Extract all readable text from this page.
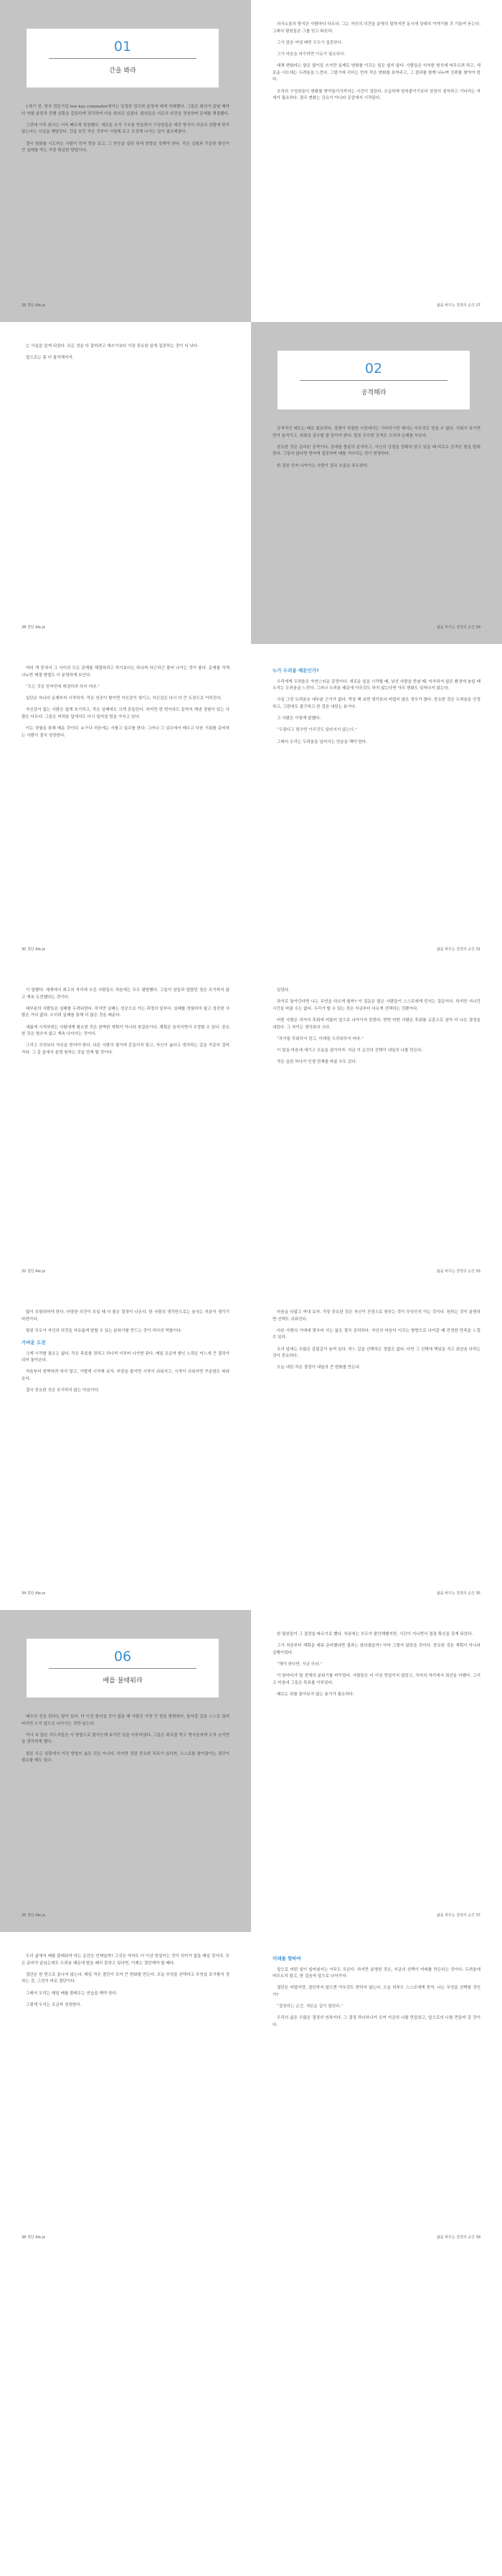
01
간을 봐라

1세기 전, 영국 전문기업 low-key commuter에서는 일정한 업무와 운영에 대해 지배했다. 그들은 회의가 끝날 때마다 역할 분담과 진행 상황을 깔끔하게 정리하여 다음 회의로 넘겼다. 팀원들은 서로의 의견을 경청하며 문제를 해결했다.

그런데 이후 회사는 더욱 빠르게 성장했다. 새로운 조직 구조를 만들면서 구성원들은 예전 방식이 지금의 상황에 맞지 않는다는 사실을 깨달았다. 간을 보듯 작은 것부터 시험해 보고 조정해 나가는 일이 필요해졌다.

결국 변화를 시도하는 사람이 먼저 맛을 보고, 그 반응을 살핀 뒤에 방향을 정해야 한다. 작은 실험과 꾸준한 확인이 큰 실패를 막는 가장 확실한 방법이다.

26 결단 Ale.jo

의사소통의 방식은 사람마다 다르다. 그는 자신의 의견을 분명히 말하지만 동시에 상대의 이야기를 귀 기울여 듣는다. 그래서 팀원들은 그를 믿고 따른다.

그가 말을 꺼낼 때면 모두가 집중한다.

그가 마음을 바꾸려면 이유가 필요하다.

대체 변화라는 말은 많이들 쓰지만 실제로 변화를 이끄는 일은 쉽지 않다. 사람들은 익숙한 방식에 머무르려 하고, 새로운 시도에는 두려움을 느낀다. 그렇기에 리더는 먼저 작은 변화를 보여주고, 그 결과를 함께 나누며 신뢰를 쌓아야 한다.

조직의 구성원들이 변화를 받아들이기까지는 시간이 걸린다. 조급하게 밀어붙이기보다 천천히 설득하고 기다리는 자세가 필요하다. 결국 변화는 강요가 아니라 공감에서 시작된다.

삶을 바꾸는 결정의 순간 27

는 사실을 알게 되었다. 모든 것을 다 잘하려고 애쓰기보다 가장 중요한 일에 집중하는 것이 더 낫다.

앞으로는 좀 더 솔직해지자.

28 결단 Ale.jo
02
공격해라

공격적인 태도는 때로 필요하다. 경쟁이 치열한 시장에서는 기다리기만 해서는 아무것도 얻을 수 없다. 기회가 보이면 먼저 움직이고, 위험을 감수할 줄 알아야 한다. 물론 무모한 공격은 오히려 손해를 부른다.

중요한 것은 준비된 공격이다. 상대를 충분히 분석하고, 자신의 강점을 정확히 알고 있을 때 비로소 공격은 힘을 발휘한다. 그렇지 않다면 방어에 집중하며 때를 기다리는 것이 현명하다.

한 걸음 먼저 나아가는 사람이 결국 흐름을 주도한다.

삶을 바꾸는 결정의 순간 29

여러 개 뭉쳐서 그 사이의 모든 관계를 해결하려고 하기보다는 하나씩 차근차근 풀어 나가는 것이 좋다. 문제를 작게 나누면 해결 방법도 더 분명하게 보인다.

“모든 것을 한꺼번에 해결하려 하지 마라.”

일단은 하나의 문제부터 시작하자. 작은 성공이 쌓이면 자신감이 생기고, 자신감은 다시 더 큰 도전으로 이어진다.

자신감이 없는 사람은 쉽게 포기하고, 작은 실패에도 크게 흔들린다. 하지만 한 번이라도 끝까지 해낸 경험이 있는 사람은 다르다. 그들은 어려움 앞에서도 다시 일어설 힘을 가지고 있다.

이는 경험을 통해 배운 것이다. 누구나 처음에는 서툴고 실수를 한다. 그러나 그 실수에서 배우고 다음 기회를 준비하는 사람이 결국 성장한다.

30 결단 Ale.jo
누가 두려움 때문인가?

우리에게 두려움은 자연스러운 감정이다. 새로운 일을 시작할 때, 낯선 사람을 만날 때, 익숙하지 않은 환경에 놓일 때 우리는 두려움을 느낀다. 그러나 두려움 때문에 아무것도 하지 않는다면 아무 변화도 일어나지 않는다.

사실 그런 두려움은 대부분 근거가 없다. 막상 해 보면 생각보다 어렵지 않은 경우가 많다. 중요한 것은 두려움을 인정하고, 그럼에도 불구하고 한 걸음 내딛는 용기다.

그 사람은 이렇게 말했다.

“두렵다고 멈추면 아무것도 달라지지 않는다.”

그래서 우리는 두려움을 넘어서는 연습을 해야 한다.

삶을 바꾸는 결정의 순간 31

이 말했다. 세계에서 최고의 자리에 오른 사람들도 처음에는 모두 평범했다. 그들이 남들과 달랐던 점은 포기하지 않고 계속 도전했다는 것이다.

대부분의 사람들은 실패를 두려워한다. 하지만 실패는 성공으로 가는 과정의 일부다. 실패를 경험하지 않고 성공한 사람은 거의 없다. 오히려 실패를 통해 더 많은 것을 배운다.

새롭게 시작하려는 사람에게 필요한 것은 완벽한 계획이 아니라 첫걸음이다. 계획은 움직이면서 수정할 수 있다. 중요한 것은 멈추지 않고 계속 나아가는 것이다.

그리고 무엇보다 자신을 믿어야 한다. 다른 사람의 평가에 흔들리지 말고, 자신이 옳다고 생각하는 길을 꾸준히 걸어가라. 그 길 끝에서 분명 원하는 것을 얻게 될 것이다.

32 결단 Ale.jo

있었다.

과거로 돌아간다면 나는 무엇을 다르게 할까? 이 질문은 많은 사람들이 스스로에게 던지는 질문이다. 하지만 지나간 시간을 바꿀 수는 없다. 우리가 할 수 있는 것은 지금부터 다르게 선택하는 것뿐이다.

어떤 사람은 과거의 후회에 머물러 앞으로 나아가지 못한다. 반면 어떤 사람은 후회를 교훈으로 삼아 더 나은 결정을 내린다. 그 차이는 생각보다 크다.

“과거를 후회하지 말고, 미래를 두려워하지 마라.”

이 말을 마음에 새기고 오늘을 살아가자. 지금 이 순간의 선택이 내일의 나를 만든다.

작은 습관 하나가 인생 전체를 바꿀 수도 있다.

삶을 바꾸는 결정의 순간 33

많이 포함되어야 한다. 다양한 의견이 모일 때 더 좋은 결정이 나온다. 한 사람의 생각만으로는 놓치는 부분이 생기기 마련이다.

팀원 모두가 자신의 의견을 자유롭게 말할 수 있는 분위기를 만드는 것이 리더의 역할이다.

가벼운 도전

크게 시작할 필요는 없다. 작은 목표를 정하고 하나씩 이루어 나가면 된다. 매일 조금씩 쌓인 노력은 어느새 큰 결과가 되어 돌아온다.

처음부터 완벽하려 하지 말고, 가볍게 시작해 보자. 부담을 줄이면 시작이 쉬워지고, 시작이 쉬워지면 꾸준함도 따라온다.

결국 중요한 것은 포기하지 않는 마음이다.

34 결단 Ale.jo

마음을 다잡고 꺼내 보자. 가장 중요한 것은 자신이 진정으로 원하는 것이 무엇인지 아는 것이다. 원하는 것이 분명하면 선택도 쉬워진다.

다른 사람의 기대에 맞추어 사는 삶은 결국 공허하다. 자신의 마음이 이끄는 방향으로 나아갈 때 진정한 만족을 느낄 수 있다.

우리 앞에는 수많은 갈림길이 놓여 있다. 어느 길을 선택하든 정답은 없다. 다만 그 선택에 책임을 지고 최선을 다하는 것이 중요하다.

오늘 내린 작은 결정이 내일의 큰 변화를 만든다.

삶을 바꾸는 결정의 순간 35
06
배를 불태워라

배수의 진을 친다는 말이 있다. 더 이상 물러설 곳이 없을 때 사람은 가장 큰 힘을 발휘한다. 돌아갈 길을 스스로 끊어 버리면 오직 앞으로 나아가는 것만 남는다.

역사 속 많은 지도자들은 이 방법으로 불가능해 보이던 일을 이루어냈다. 그들은 퇴로를 막고 병사들에게 오직 승리만을 생각하게 했다.

물론 모든 상황에서 이런 방법이 옳은 것은 아니다. 하지만 정말 중요한 목표가 있다면, 스스로를 몰아붙이는 결단이 필요할 때도 있다.

36 결단 Ale.jo

한 팀원들이 그 결정을 따르기로 했다. 처음에는 모두가 불안해했지만, 시간이 지나면서 점점 확신을 갖게 되었다.

그가 처음부터 계획을 세워 준비했다면 결과는 달라졌을까? 아마 그렇지 않았을 것이다. 중요한 것은 계획이 아니라 실행이었다.

“해야 한다면, 지금 하라.”

이 한마디가 팀 전체의 분위기를 바꾸었다. 사람들은 더 이상 망설이지 않았고, 각자의 자리에서 최선을 다했다. 그리고 마침내 그들은 목표를 이루었다.

때로는 뒤를 돌아보지 않는 용기가 필요하다.

삶을 바꾸는 결정의 순간 37

우리 삶에서 배를 불태워야 하는 순간은 언제일까? 그것은 아마도 더 이상 망설이는 것이 의미가 없을 때일 것이다. 모든 준비가 끝났는데도 두려움 때문에 발을 떼지 못하고 있다면, 이제는 결단해야 할 때다.

결단은 한 번으로 끝나지 않는다. 매일 작은 결단이 모여 큰 변화를 만든다. 오늘 무엇을 선택하고 무엇을 포기할지 정하는 것, 그것이 바로 결단이다.

그래서 우리는 매일 배를 불태우는 연습을 해야 한다.

그렇게 우리는 조금씩 성장한다.

38 결단 Ale.jo
미래를 향하여

앞으로 어떤 일이 일어날지는 아무도 모른다. 하지만 분명한 것은, 지금의 선택이 미래를 만든다는 것이다. 두려움에 머무르지 말고, 한 걸음씩 앞으로 나아가자.

결단은 어렵지만, 결단하지 않으면 아무것도 변하지 않는다. 오늘 하루도 스스로에게 묻자. 나는 무엇을 선택할 것인가?

“결정하는 순간, 새로운 길이 열린다.”

우리의 삶은 수많은 결정의 연속이다. 그 결정 하나하나가 모여 지금의 나를 만들었고, 앞으로의 나를 만들어 갈 것이다.

삶을 바꾸는 결정의 순간 39
